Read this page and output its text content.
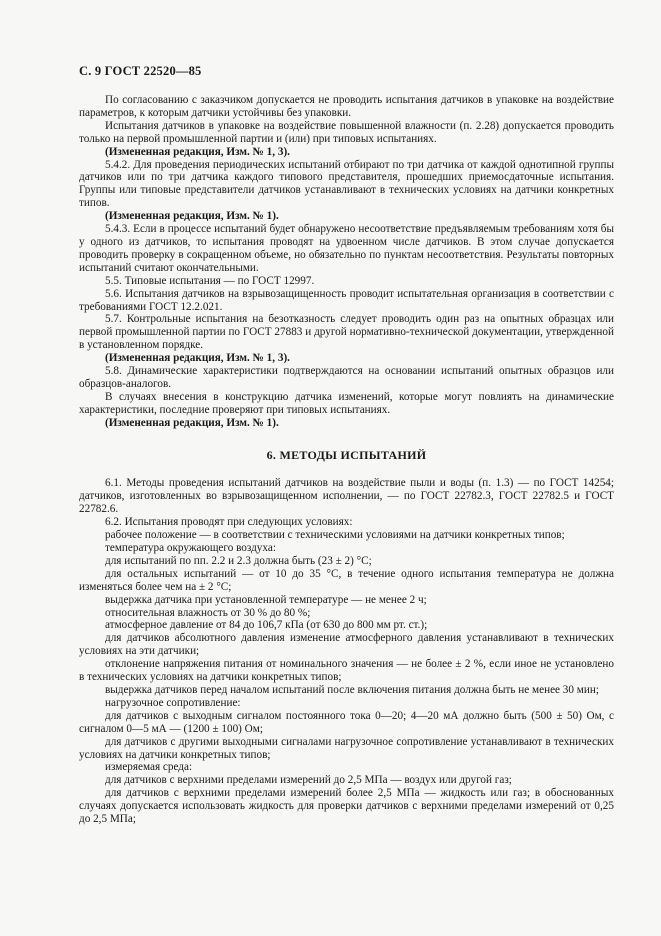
С. 9 ГОСТ 22520—85

По согласованию с заказчиком допускается не проводить испытания датчиков в упаковке на воздействие параметров, к которым датчики устойчивы без упаковки.

Испытания датчиков в упаковке на воздействие повышенной влажности (п. 2.28) допускается проводить только на первой промышленной партии и (или) при типовых испытаниях.

(Измененная редакция, Изм. № 1, 3).

5.4.2. Для проведения периодических испытаний отбирают по три датчика от каждой однотипной группы датчиков или по три датчика каждого типового представителя, прошедших приемосдаточные испытания. Группы или типовые представители датчиков устанавливают в технических условиях на датчики конкретных типов.

(Измененная редакция, Изм. № 1).

5.4.3. Если в процессе испытаний будет обнаружено несоответствие предъявляемым требованиям хотя бы у одного из датчиков, то испытания проводят на удвоенном числе датчиков. В этом случае допускается проводить проверку в сокращенном объеме, но обязательно по пунктам несоответствия. Результаты повторных испытаний считают окончательными.

5.5. Типовые испытания — по ГОСТ 12997.

5.6. Испытания датчиков на взрывозащищенность проводит испытательная организация в соответствии с требованиями ГОСТ 12.2.021.

5.7. Контрольные испытания на безотказность следует проводить один раз на опытных образцах или первой промышленной партии по ГОСТ 27883 и другой нормативно-технической документации, утвержденной в установленном порядке.

(Измененная редакция, Изм. № 1, 3).

5.8. Динамические характеристики подтверждаются на основании испытаний опытных образцов или образцов-аналогов.

В случаях внесения в конструкцию датчика изменений, которые могут повлиять на динамические характеристики, последние проверяют при типовых испытаниях.

(Измененная редакция, Изм. № 1).

6. МЕТОДЫ ИСПЫТАНИЙ

6.1. Методы проведения испытаний датчиков на воздействие пыли и воды (п. 1.3) — по ГОСТ 14254; датчиков, изготовленных во взрывозащищенном исполнении, — по ГОСТ 22782.3, ГОСТ 22782.5 и ГОСТ 22782.6.

6.2. Испытания проводят при следующих условиях:

рабочее положение — в соответствии с техническими условиями на датчики конкретных типов;

температура окружающего воздуха:

для испытаний по пп. 2.2 и 2.3 должна быть (23 ± 2) °С;

для остальных испытаний — от 10 до 35 °С, в течение одного испытания температура не должна изменяться более чем на ± 2 °С;

выдержка датчика при установленной температуре — не менее 2 ч;

относительная влажность от 30 % до 80 %;

атмосферное давление от 84 до 106,7 кПа (от 630 до 800 мм рт. ст.);

для датчиков абсолютного давления изменение атмосферного давления устанавливают в технических условиях на эти датчики;

отклонение напряжения питания от номинального значения — не более ± 2 %, если иное не установлено в технических условиях на датчики конкретных типов;

выдержка датчиков перед началом испытаний после включения питания должна быть не менее 30 мин;

нагрузочное сопротивление:

для датчиков с выходным сигналом постоянного тока 0—20; 4—20 мА должно быть (500 ± 50) Ом, с сигналом 0—5 мА — (1200 ± 100) Ом;

для датчиков с другими выходными сигналами нагрузочное сопротивление устанавливают в технических условиях на датчики конкретных типов;

измеряемая среда:

для датчиков с верхними пределами измерений до 2,5 МПа — воздух или другой газ;

для датчиков с верхними пределами измерений более 2,5 МПа — жидкость или газ; в обоснованных случаях допускается использовать жидкость для проверки датчиков с верхними пределами измерений от 0,25 до 2,5 МПа;
